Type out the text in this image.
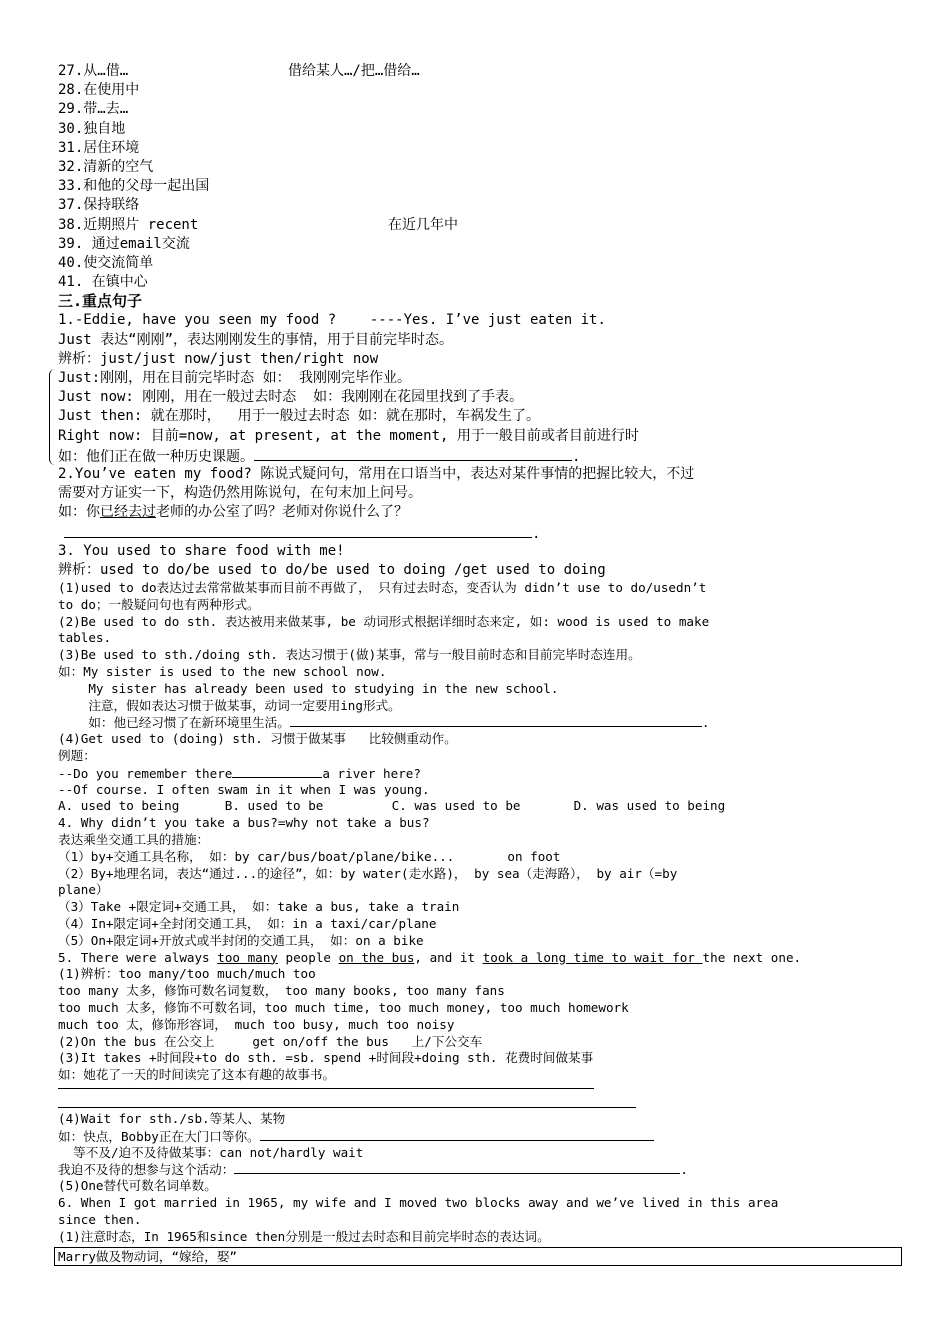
27.从…借…	借给某人…/把…借给…
28.在使用中
29.带…去…
30.独自地
31.居住环境
32.清新的空气
33.和他的父母一起出国
37.保持联络
38.近期照片 recent	在近几年中
39. 通过email交流
40.使交流简单
41. 在镇中心
三.重点句子
1.-Eddie, have you seen my food ?    ----Yes. I’ve just eaten it.
Just 表达“刚刚”，表达刚刚发生的事情，用于目前完毕时态。
辨析：just/just now/just then/right now
Just:刚刚，用在目前完毕时态 如： 我刚刚完毕作业。
Just now: 刚刚，用在一般过去时态  如：我刚刚在花园里找到了手表。
Just then: 就在那时，  用于一般过去时态 如：就在那时，车祸发生了。
Right now: 目前=now, at present, at the moment, 用于一般目前或者目前进行时
如：他们正在做一种历史课题。	.
2.You’ve eaten my food? 陈说式疑问句，常用在口语当中，表达对某件事情的把握比较大，不过
需要对方证实一下，构造仍然用陈说句，在句末加上问号。
如：你已经去过老师的办公室了吗？老师对你说什么了？
.
3. You used to share food with me!
辨析：used to do/be used to do/be used to doing /get used to doing
(1)used to do表达过去常常做某事而目前不再做了， 只有过去时态，变否认为 didn’t use to do/usedn’t
to do；一般疑问句也有两种形式。
(2)Be used to do sth. 表达被用来做某事, be 动词形式根据详细时态来定, 如: wood is used to make
tables.
(3)Be used to sth./doing sth. 表达习惯于(做)某事，常与一般目前时态和目前完毕时态连用。
如：My sister is used to the new school now.
My sister has already been used to studying in the new school.
注意，假如表达习惯于做某事，动词一定要用ing形式。
如：他已经习惯了在新环境里生活。	.
(4)Get used to (doing) sth. 习惯于做某事   比较侧重动作。
例题：
--Do you remember there	a river here?
--Of course. I often swam in it when I was young.
A. used to being      B. used to be         C. was used to be       D. was used to being
4. Why didn’t you take a bus?=why not take a bus?
表达乘坐交通工具的措施：
（1）by+交通工具名称， 如：by car/bus/boat/plane/bike...       on foot
（2）By+地理名词，表达“通过...的途径”，如：by water(走水路)， by sea（走海路）， by air（=by
plane）
（3）Take +限定词+交通工具， 如：take a bus, take a train
（4）In+限定词+全封闭交通工具， 如：in a taxi/car/plane
（5）On+限定词+开放式或半封闭的交通工具， 如：on a bike
5. There were always too many people on the bus, and it took a long time to wait for the next one.
(1)辨析：too many/too much/much too
too many 太多，修饰可数名词复数， too many books, too many fans
too much 太多，修饰不可数名词，too much time, too much money, too much homework
much too 太，修饰形容词， much too busy, much too noisy
(2)On the bus 在公交上     get on/off the bus   上/下公交车
(3)It takes +时间段+to do sth. =sb. spend +时间段+doing sth. 花费时间做某事
如：她花了一天的时间读完了这本有趣的故事书。
(4)Wait for sth./sb.等某人、某物
如：快点，Bobby正在大门口等你。
等不及/迫不及待做某事：can not/hardly wait
我迫不及待的想参与这个活动：	.
(5)One替代可数名词单数。
6. When I got married in 1965, my wife and I moved two blocks away and we’ve lived in this area
since then.
(1)注意时态，In 1965和since then分别是一般过去时态和目前完毕时态的表达词。
Marry做及物动词，“嫁给，娶”
